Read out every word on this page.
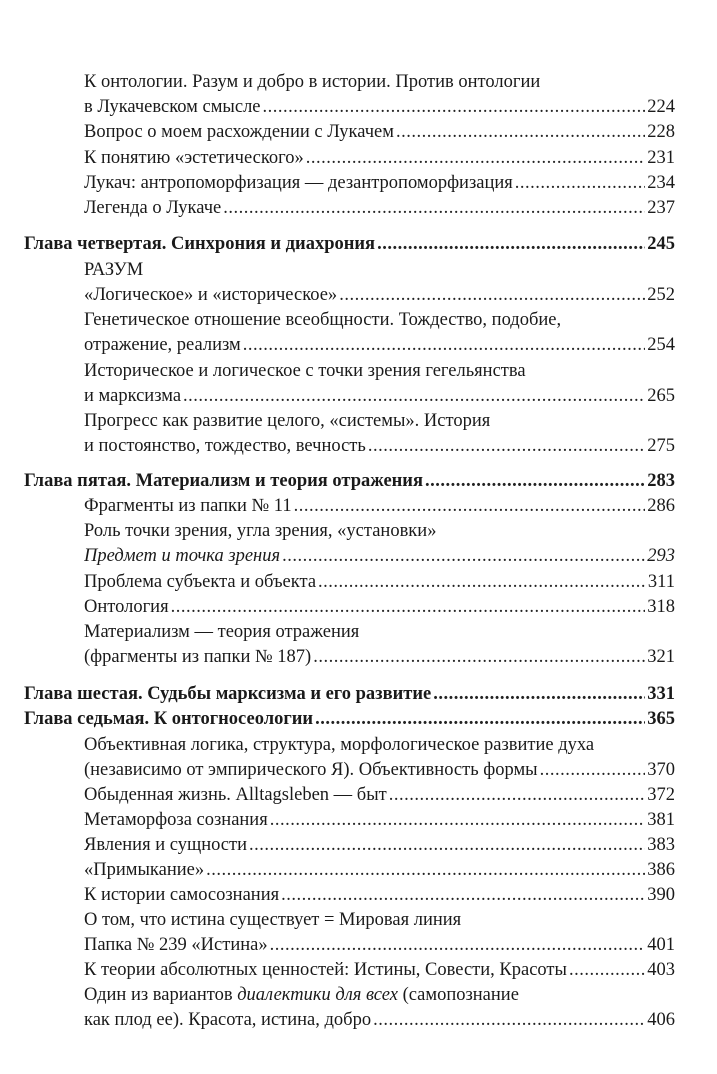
К онтологии. Разум и добро в истории. Против онтологии
в Лукачевском смысле .....	224
Вопрос о моем расхождении с Лукачем .....	228
К понятию «эстетического» .....	231
Лукач: антропоморфизация — дезантропоморфизация .....	234
Легенда о Лукаче .....	237
Глава четвертая. Синхрония и диахрония .....	245
РАЗУМ
«Логическое» и «историческое» .....	252
Генетическое отношение всеобщности. Тождество, подобие,
отражение, реализм .....	254
Историческое и логическое с точки зрения гегельянства
и марксизма .....	265
Прогресс как развитие целого, «системы». История
и постоянство, тождество, вечность .....	275
Глава пятая. Материализм и теория отражения .....	283
Фрагменты из папки № 11 .....	286
Роль точки зрения, угла зрения, «установки»
Предмет и точка зрения .....	293
Проблема субъекта и объекта .....	311
Онтология .....	318
Материализм — теория отражения
(фрагменты из папки № 187) .....	321
Глава шестая. Судьбы марксизма и его развитие .....	331
Глава седьмая. К онтогносеологии .....	365
Объективная логика, структура, морфологическое развитие духа
(независимо от эмпирического Я). Объективность формы .....	370
Обыденная жизнь. Alltagsleben — быт .....	372
Метаморфоза сознания .....	381
Явления и сущности .....	383
«Примыкание» .....	386
К истории самосознания .....	390
О том, что истина существует = Мировая линия
Папка № 239 «Истина» .....	401
К теории абсолютных ценностей: Истины, Совести, Красоты .....	403
Один из вариантов диалектики для всех (самопознание
как плод ее). Красота, истина, добро .....	406
